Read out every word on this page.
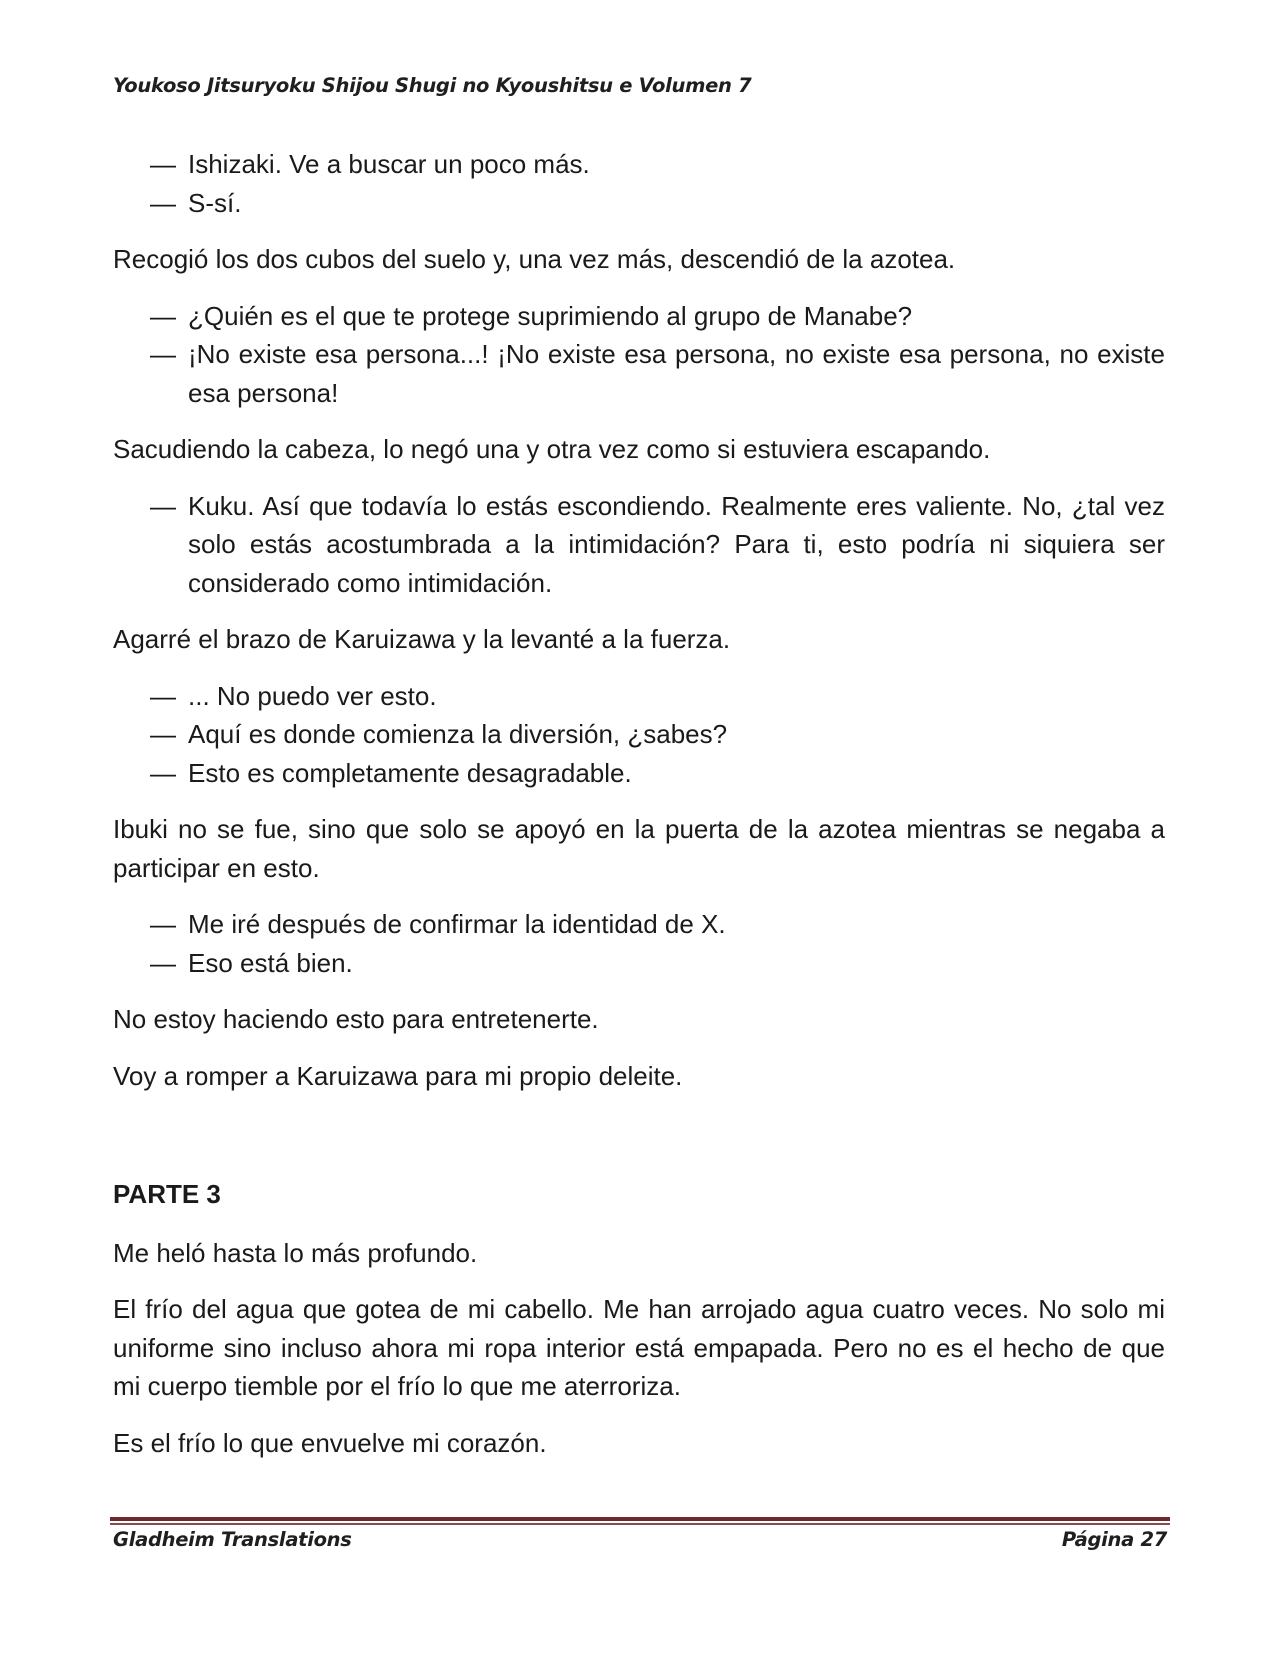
Youkoso Jitsuryoku Shijou Shugi no Kyoushitsu e Volumen 7
— Ishizaki. Ve a buscar un poco más.
— S-sí.

Recogió los dos cubos del suelo y, una vez más, descendió de la azotea.

— ¿Quién es el que te protege suprimiendo al grupo de Manabe?
— ¡No existe esa persona...! ¡No existe esa persona, no existe esa persona, no existe esa persona!

Sacudiendo la cabeza, lo negó una y otra vez como si estuviera escapando.

— Kuku. Así que todavía lo estás escondiendo. Realmente eres valiente. No, ¿tal vez solo estás acostumbrada a la intimidación? Para ti, esto podría ni siquiera ser considerado como intimidación.

Agarré el brazo de Karuizawa y la levanté a la fuerza.

— ... No puedo ver esto.
— Aquí es donde comienza la diversión, ¿sabes?
— Esto es completamente desagradable.

Ibuki no se fue, sino que solo se apoyó en la puerta de la azotea mientras se negaba a participar en esto.

— Me iré después de confirmar la identidad de X.
— Eso está bien.

No estoy haciendo esto para entretenerte.

Voy a romper a Karuizawa para mi propio deleite.

PARTE 3

Me heló hasta lo más profundo.

El frío del agua que gotea de mi cabello. Me han arrojado agua cuatro veces. No solo mi uniforme sino incluso ahora mi ropa interior está empapada. Pero no es el hecho de que mi cuerpo tiemble por el frío lo que me aterroriza.

Es el frío lo que envuelve mi corazón.

Gladheim Translations	Página 27
